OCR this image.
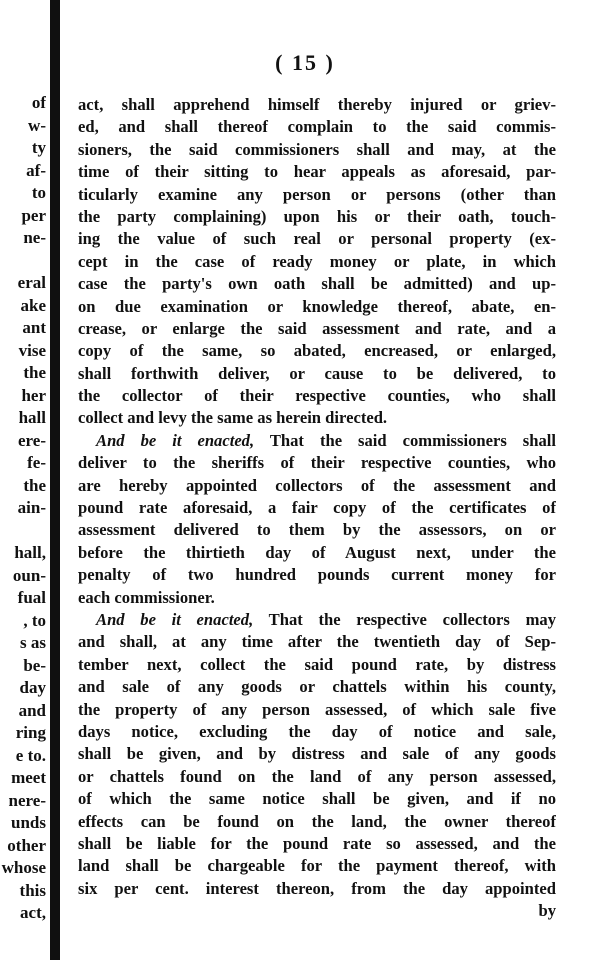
of
w-
ty
af-
to
per
ne-

eral
ake
ant
vise
the
her
hall
ere-
fe-
the
ain-

hall,
oun-
fual
, to
s as
be-
day
and
ring
e to.
meet
nere-
unds
other
whose
this
act,
( 15 )
act, shall apprehend himself thereby injured or griev-
ed, and shall thereof complain to the said commis-
sioners, the said commissioners shall and may, at the
time of their sitting to hear appeals as aforesaid, par-
ticularly examine any person or persons (other than
the party complaining) upon his or their oath, touch-
ing the value of such real or personal property (ex-
cept in the case of ready money or plate, in which
case the party's own oath shall be admitted) and up-
on due examination or knowledge thereof, abate, en-
crease, or enlarge the said assessment and rate, and a
copy of the same, so abated, encreased, or enlarged,
shall forthwith deliver, or cause to be delivered, to
the collector of their respective counties, who shall
collect and levy the same as herein directed.
And be it enacted, That the said commissioners shall
deliver to the sheriffs of their respective counties, who
are hereby appointed collectors of the assessment and
pound rate aforesaid, a fair copy of the certificates of
assessment delivered to them by the assessors, on or
before the thirtieth day of August next, under the
penalty of two hundred pounds current money for
each commissioner.
And be it enacted, That the respective collectors may
and shall, at any time after the twentieth day of Sep-
tember next, collect the said pound rate, by distress
and sale of any goods or chattels within his county,
the property of any person assessed, of which sale five
days notice, excluding the day of notice and sale,
shall be given, and by distress and sale of any goods
or chattels found on the land of any person assessed,
of which the same notice shall be given, and if no
effects can be found on the land, the owner thereof
shall be liable for the pound rate so assessed, and the
land shall be chargeable for the payment thereof, with
six per cent. interest thereon, from the day appointed
by
